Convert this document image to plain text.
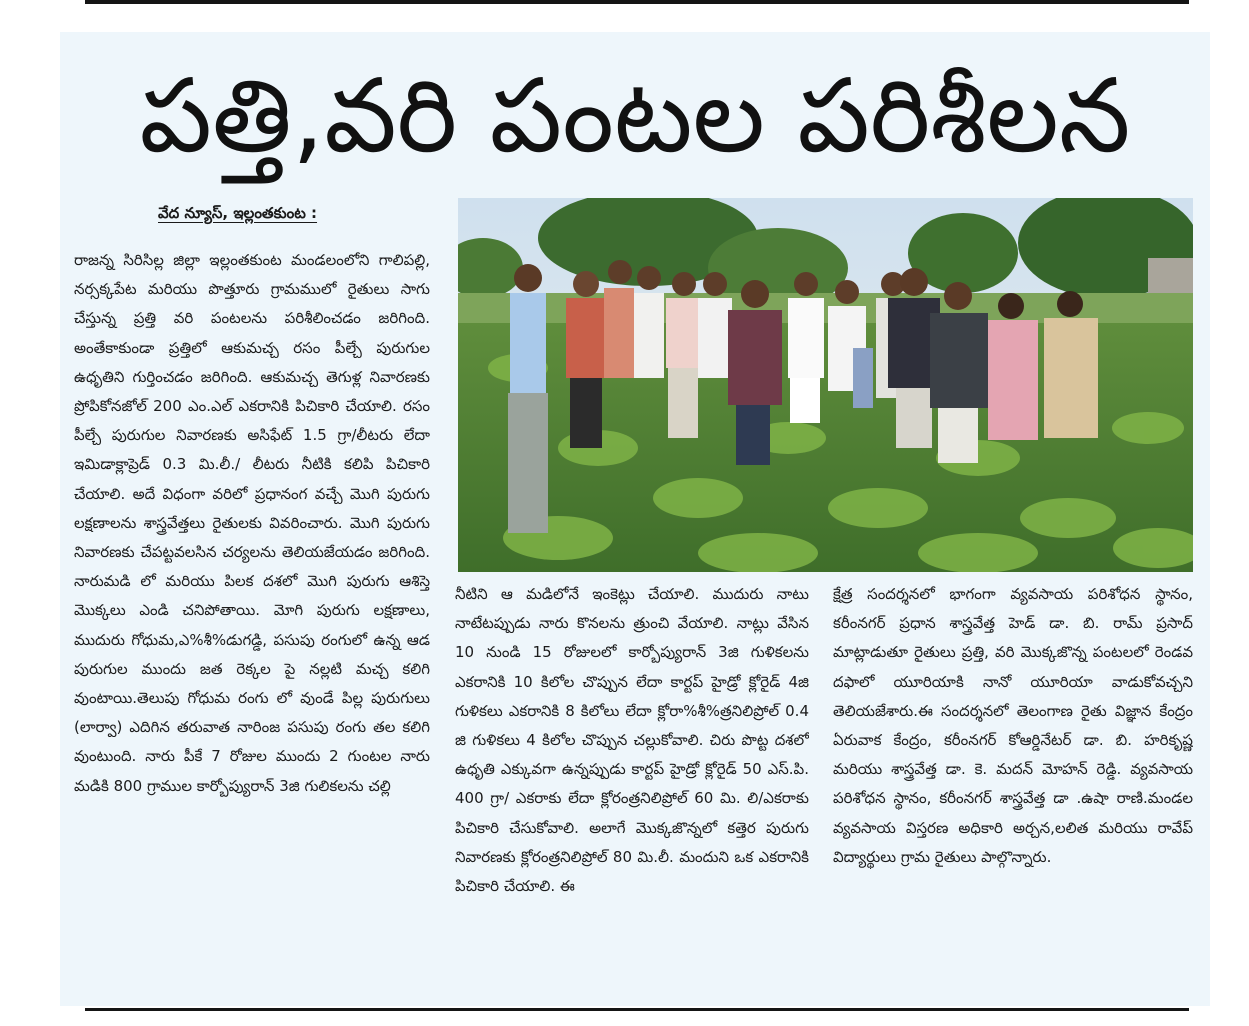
పత్తి,వరి పంటల పరిశీలన
వేద న్యూస్, ఇల్లంతకుంట :
రాజన్న సిరిసిల్ల జిల్లా ఇల్లంతకుంట మండలంలోని గాలిపల్లి, నర్సక్కపేట మరియు పొత్తూరు గ్రామములో రైతులు సాగు చేస్తున్న ప్రత్తి వరి పంటలను పరిశీలించడం జరిగింది. అంతేకాకుండా ప్రత్తిలో ఆకుమచ్చ రసం పీల్చే పురుగుల ఉధృతిని గుర్తించడం జరిగింది. ఆకుమచ్చ తెగుళ్ల నివారణకు ప్రోపికోనజోల్ 200 ఎం.ఎల్ ఎకరానికి పిచికారి చేయాలి. రసం పీల్చే పురుగుల నివారణకు అసిఫేట్ 1.5 గ్రా/లీటరు లేదా ఇమిడాక్లాప్రెడ్ 0.3 మి.లీ./ లీటరు నీటికి కలిపి పిచికారి చేయాలి. అదే విధంగా వరిలో ప్రధానంగ వచ్చే మొగి పురుగు లక్షణాలను శాస్త్రవేత్తలు రైతులకు వివరించారు. మొగి పురుగు నివారణకు చేపట్టవలసిన చర్యలను తెలియజేయడం జరిగింది. నారుమడి లో మరియు పిలక దశలో మొగి పురుగు ఆశిస్తె మొక్కలు ఎండి చనిపోతాయి. మోగి పురుగు లక్షణాలు, ముదురు గోధుమ,ఎ%శీ%డుగడ్డి, పసుపు రంగులో ఉన్న ఆడ పురుగుల ముందు జత రెక్కల పై నల్లటి మచ్చ కలిగి వుంటాయి.తెలుపు గోధుమ రంగు లో వుండే పిల్ల పురుగులు (లార్వా) ఎదిగిన తరువాత నారింజ పసుపు రంగు తల కలిగి వుంటుంది. నారు పీకే 7 రోజుల ముందు 2 గుంటల నారు మడికి 800 గ్రాముల కార్బోప్యురాన్ 3జి గులికలను చల్లి
నీటిని ఆ మడిలోనే ఇంకెట్లు చేయాలి. ముదురు నాటు నాటేటప్పుడు నారు కొనలను త్రుంచి వేయాలి. నాట్లు వేసిన 10 నుండి 15 రోజులలో కార్బోప్యురాన్ 3జి గుళికలను ఎకరానికి 10 కిలోల చొప్పున లేదా కార్టప్ హైడ్రో క్లోరైడ్ 4జి గుళికలు ఎకరానికి 8 కిలోలు లేదా క్లోరా%శీ%త్రనిలిప్రోల్ 0.4 జి గుళికలు 4 కిలోల చొప్పున చల్లుకోవాలి. చిరు పొట్ట దశలో ఉధృతి ఎక్కువగా ఉన్నప్పుడు కార్టప్ హైడ్రో క్లోరైడ్ 50 ఎస్.పి. 400 గ్రా/ ఎకరాకు లేదా క్లోరంత్రనిలిప్రోల్ 60 మి. లి/ఎకరాకు పిచికారి చేసుకోవాలి. అలాగే మొక్కజొన్నలో కత్తెర పురుగు నివారణకు క్లోరంత్రనిలిప్రోల్ 80 మి.లీ. మందుని ఒక ఎకరానికి పిచికారి చేయాలి. ఈ
క్షేత్ర సందర్శనలో భాగంగా వ్యవసాయ పరిశోధన స్థానం, కరీంనగర్ ప్రధాన శాస్త్రవేత్త హెడ్ డా. బి. రామ్ ప్రసాద్ మాట్లాడుతూ రైతులు ప్రత్తి, వరి మొక్కజొన్న పంటలలో రెండవ దఫాలో యూరియాకి నానో యూరియా వాడుకోవచ్చని తెలియజేశారు.ఈ సందర్శనలో తెలంగాణ రైతు విజ్ఞాన కేంద్రం ఏరువాక కేంద్రం, కరీంనగర్ కోఆర్డినేటర్ డా. బి. హరికృష్ణ మరియు శాస్త్రవేత్త డా. కె. మదన్ మోహన్ రెడ్డి. వ్యవసాయ పరిశోధన స్థానం, కరీంనగర్ శాస్త్రవేత్త డా .ఉషా రాణి.మండల వ్యవసాయ విస్తరణ అధికారి అర్చన,లలిత మరియు రావేప్ విద్యార్థులు గ్రామ రైతులు పాల్గొన్నారు.
